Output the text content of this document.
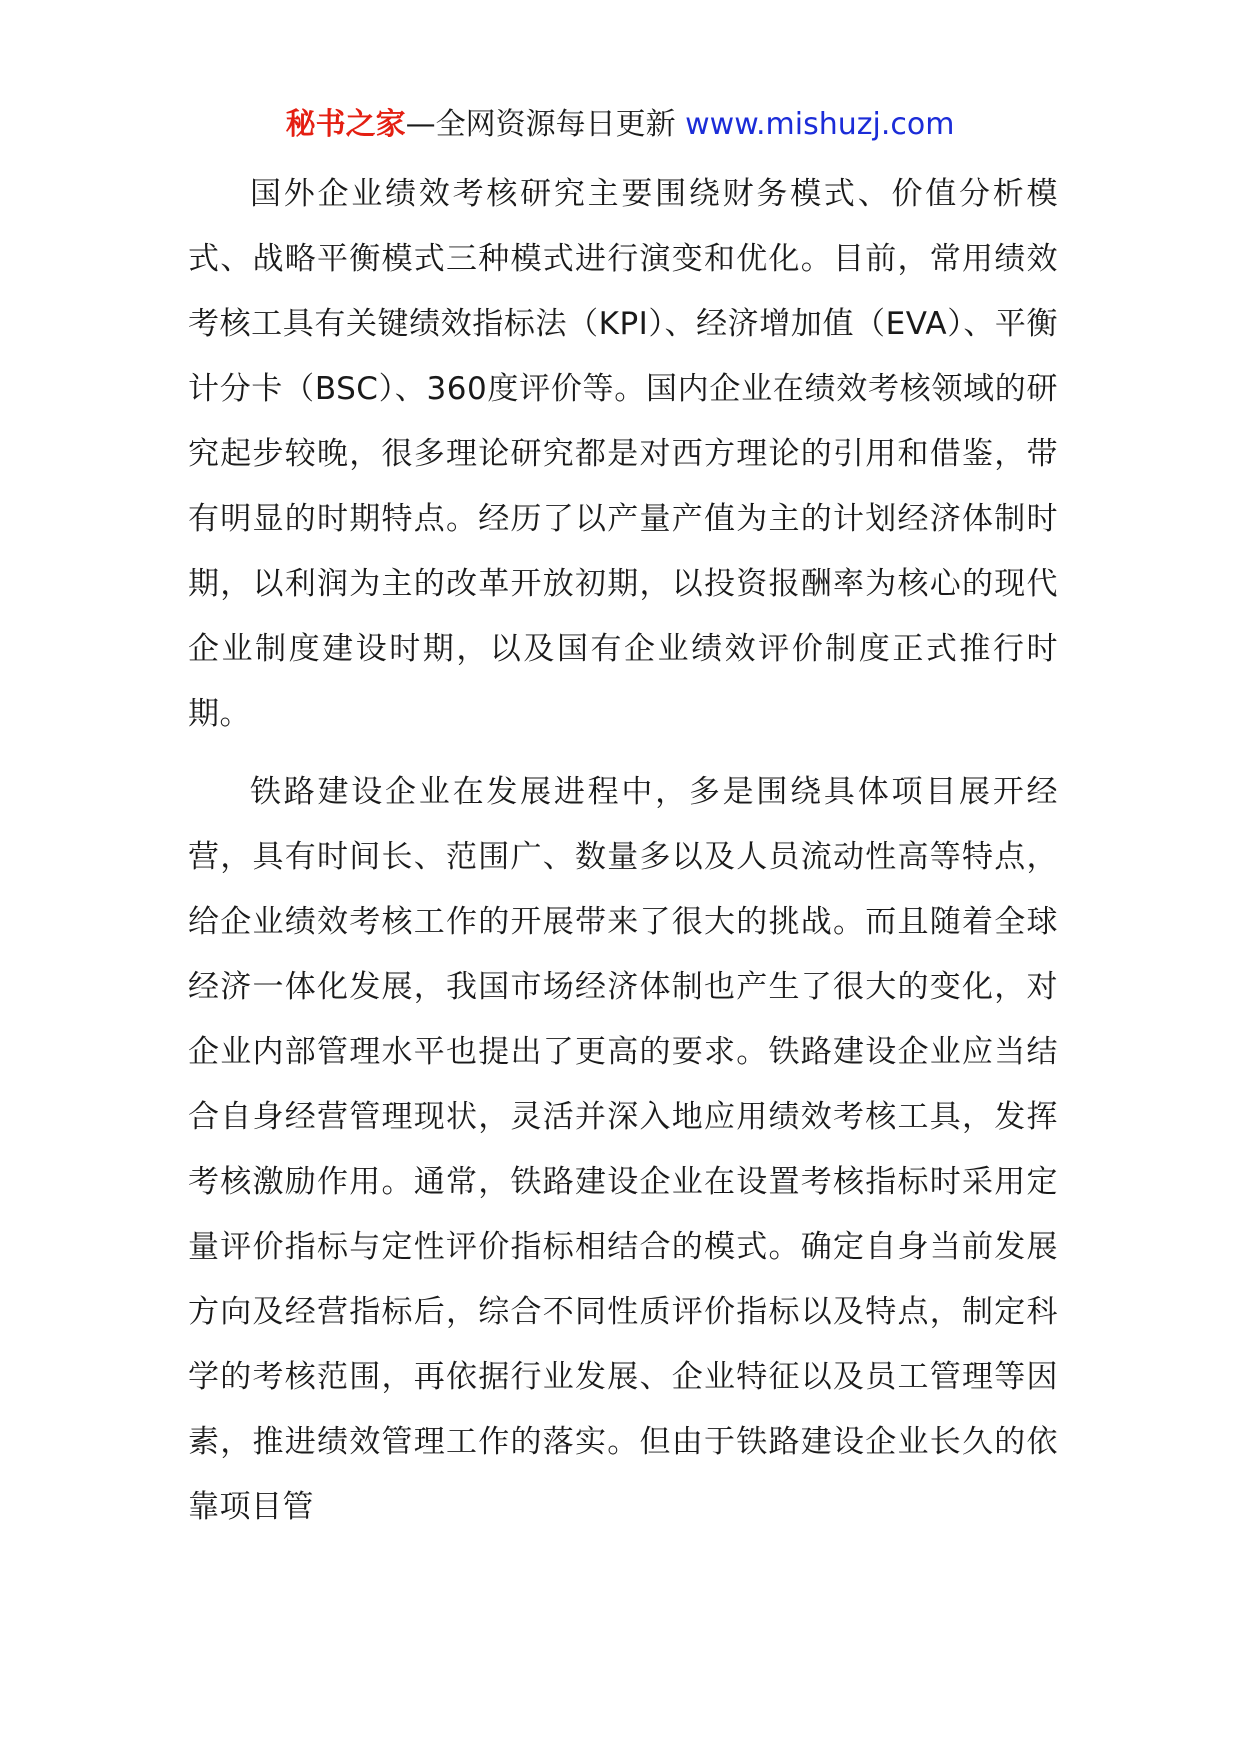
秘书之家—全网资源每日更新 www.mishuzj.com

国外企业绩效考核研究主要围绕财务模式、价值分析模式、战略平衡模式三种模式进行演变和优化。目前，常用绩效考核工具有关键绩效指标法（KPI）、经济增加值（EVA）、平衡计分卡（BSC）、360度评价等。国内企业在绩效考核领域的研究起步较晚，很多理论研究都是对西方理论的引用和借鉴，带有明显的时期特点。经历了以产量产值为主的计划经济体制时期，以利润为主的改革开放初期，以投资报酬率为核心的现代企业制度建设时期，以及国有企业绩效评价制度正式推行时期。

铁路建设企业在发展进程中，多是围绕具体项目展开经营，具有时间长、范围广、数量多以及人员流动性高等特点，给企业绩效考核工作的开展带来了很大的挑战。而且随着全球经济一体化发展，我国市场经济体制也产生了很大的变化，对企业内部管理水平也提出了更高的要求。铁路建设企业应当结合自身经营管理现状，灵活并深入地应用绩效考核工具，发挥考核激励作用。通常，铁路建设企业在设置考核指标时采用定量评价指标与定性评价指标相结合的模式。确定自身当前发展方向及经营指标后，综合不同性质评价指标以及特点，制定科学的考核范围，再依据行业发展、企业特征以及员工管理等因素，推进绩效管理工作的落实。但由于铁路建设企业长久的依靠项目管
